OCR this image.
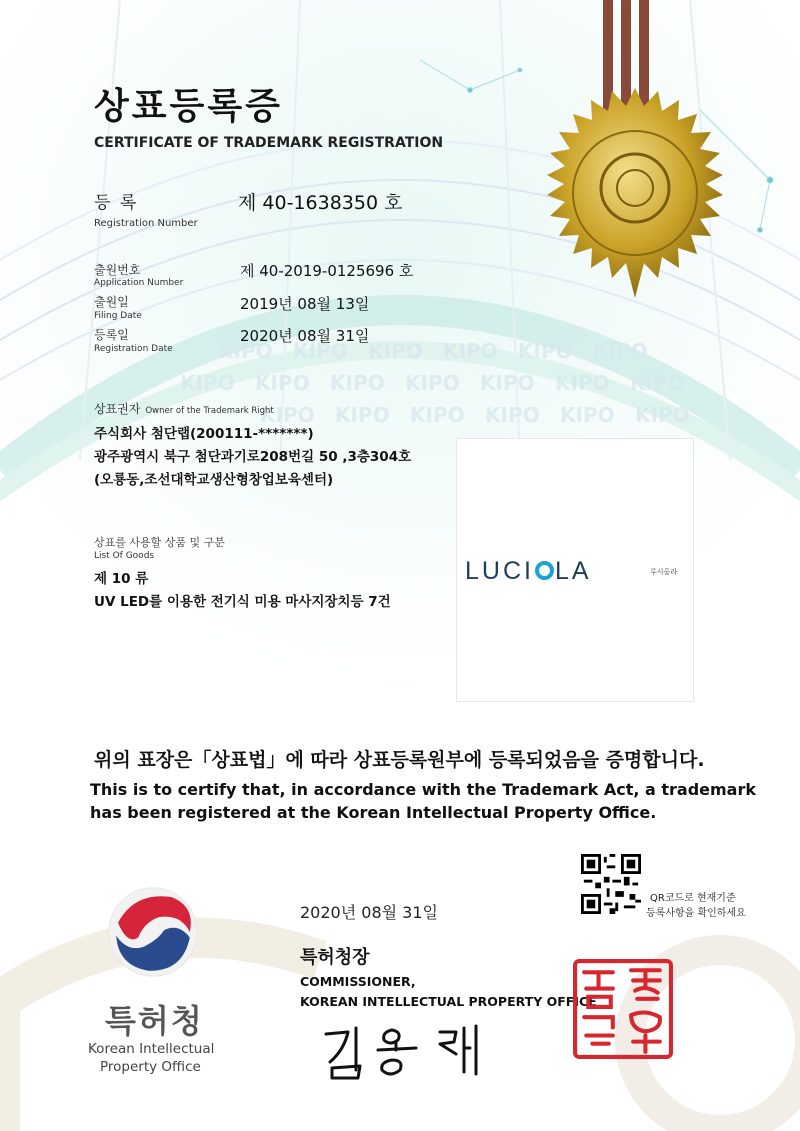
KIPO KIPO KIPO KIPO KIPO KIPO
KIPO KIPO KIPO KIPO KIPO KIPO KIPO
KIPO KIPO KIPO KIPO KIPO KIPO
상표등록증
CERTIFICATE OF TRADEMARK REGISTRATION
등 록
Registration Number
제 40-1638350 호
출원번호
Application Number
제 40-2019-0125696 호
출원일
Filing Date
2019년 08월 13일
등록일
Registration Date
2020년 08월 31일
상표권자 Owner of the Trademark Right
주식회사 첨단랩(200111-*******)
광주광역시 북구 첨단과기로208번길 50 ,3층304호
(오룡동,조선대학교생산형창업보육센터)
상표를 사용할 상품 및 구분
List Of Goods
제 10 류
UV LED를 이용한 전기식 미용 마사지장치등 7건
LUCI LA	루시올라
위의 표장은「상표법」에 따라 상표등록원부에 등록되었음을 증명합니다.
This is to certify that, in accordance with the Trademark Act, a trademark
has been registered at the Korean Intellectual Property Office.
QR코드로 현재기준
등록사항을 확인하세요
2020년 08월 31일
특허청장
COMMISSIONER,
KOREAN INTELLECTUAL PROPERTY OFFICE
특허청
Korean Intellectual
Property Office
